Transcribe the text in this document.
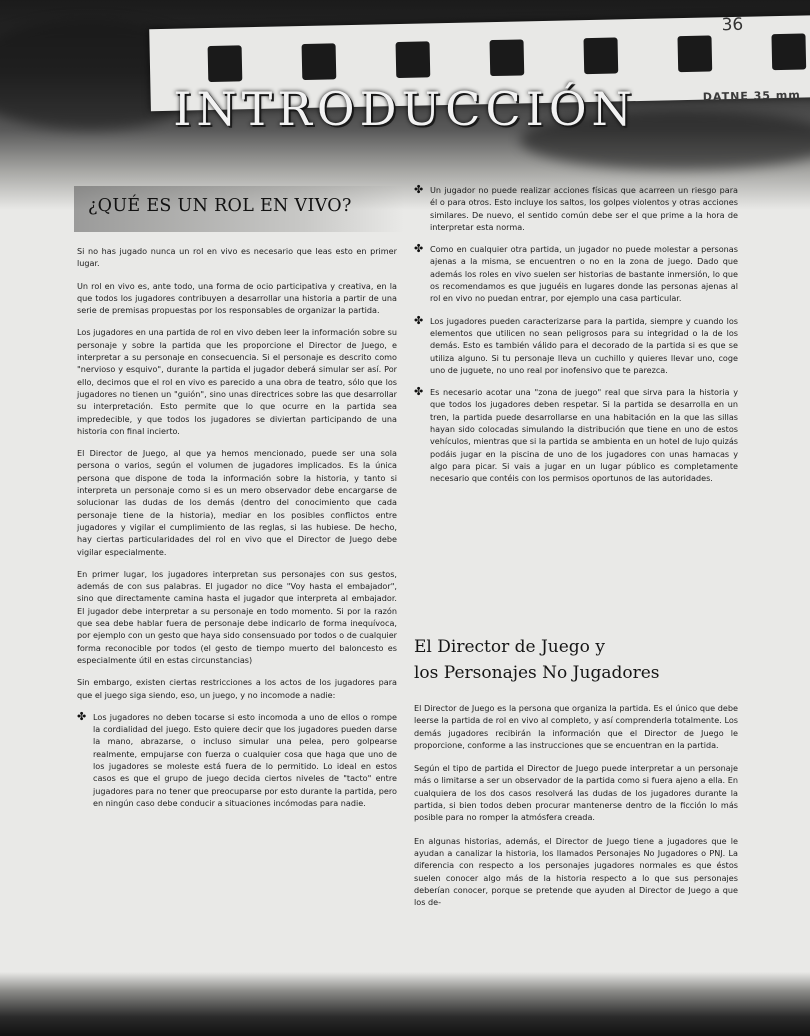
36
DATNE 35 mm
INTRODUCCIÓN
¿QUÉ ES UN ROL EN VIVO?

Si no has jugado nunca un rol en vivo es necesario que leas esto en primer lugar.

Un rol en vivo es, ante todo, una forma de ocio participativa y creativa, en la que todos los jugadores contribuyen a desarrollar una historia a partir de una serie de premisas propuestas por los responsables de organizar la partida.

Los jugadores en una partida de rol en vivo deben leer la información sobre su personaje y sobre la partida que les proporcione el Director de Juego, e interpretar a su personaje en consecuencia. Si el personaje es descrito como "nervioso y esquivo", durante la partida el jugador deberá simular ser así. Por ello, decimos que el rol en vivo es parecido a una obra de teatro, sólo que los jugadores no tienen un "guión", sino unas directrices sobre las que desarrollar su interpretación. Esto permite que lo que ocurre en la partida sea impredecible, y que todos los jugadores se diviertan participando de una historia con final incierto.

El Director de Juego, al que ya hemos mencionado, puede ser una sola persona o varios, según el volumen de jugadores implicados. Es la única persona que dispone de toda la información sobre la historia, y tanto si interpreta un personaje como si es un mero observador debe encargarse de solucionar las dudas de los demás (dentro del conocimiento que cada personaje tiene de la historia), mediar en los posibles conflictos entre jugadores y vigilar el cumplimiento de las reglas, si las hubiese. De hecho, hay ciertas particularidades del rol en vivo que el Director de Juego debe vigilar especialmente.

En primer lugar, los jugadores interpretan sus personajes con sus gestos, además de con sus palabras. El jugador no dice "Voy hasta el embajador", sino que directamente camina hasta el jugador que interpreta al embajador. El jugador debe interpretar a su personaje en todo momento. Si por la razón que sea debe hablar fuera de personaje debe indicarlo de forma inequívoca, por ejemplo con un gesto que haya sido consensuado por todos o de cualquier forma reconocible por todos (el gesto de tiempo muerto del baloncesto es especialmente útil en estas circunstancias)

Sin embargo, existen ciertas restricciones a los actos de los jugadores para que el juego siga siendo, eso, un juego, y no incomode a nadie:

✤ Los jugadores no deben tocarse si esto incomoda a uno de ellos o rompe la cordialidad del juego. Esto quiere decir que los jugadores pueden darse la mano, abrazarse, o incluso simular una pelea, pero golpearse realmente, empujarse con fuerza o cualquier cosa que haga que uno de los jugadores se moleste está fuera de lo permitido. Lo ideal en estos casos es que el grupo de juego decida ciertos niveles de "tacto" entre jugadores para no tener que preocuparse por esto durante la partida, pero en ningún caso debe conducir a situaciones incómodas para nadie.
✤ Un jugador no puede realizar acciones físicas que acarreen un riesgo para él o para otros. Esto incluye los saltos, los golpes violentos y otras acciones similares. De nuevo, el sentido común debe ser el que prime a la hora de interpretar esta norma.
✤ Como en cualquier otra partida, un jugador no puede molestar a personas ajenas a la misma, se encuentren o no en la zona de juego. Dado que además los roles en vivo suelen ser historias de bastante inmersión, lo que os recomendamos es que juguéis en lugares donde las personas ajenas al rol en vivo no puedan entrar, por ejemplo una casa particular.
✤ Los jugadores pueden caracterizarse para la partida, siempre y cuando los elementos que utilicen no sean peligrosos para su integridad o la de los demás. Esto es también válido para el decorado de la partida si es que se utiliza alguno. Si tu personaje lleva un cuchillo y quieres llevar uno, coge uno de juguete, no uno real por inofensivo que te parezca.
✤ Es necesario acotar una "zona de juego" real que sirva para la historia y que todos los jugadores deben respetar. Si la partida se desarrolla en un tren, la partida puede desarrollarse en una habitación en la que las sillas hayan sido colocadas simulando la distribución que tiene en uno de estos vehículos, mientras que si la partida se ambienta en un hotel de lujo quizás podáis jugar en la piscina de uno de los jugadores con unas hamacas y algo para picar. Si vais a jugar en un lugar público es completamente necesario que contéis con los permisos oportunos de las autoridades.
El Director de Juego y
los Personajes No Jugadores

El Director de Juego es la persona que organiza la partida. Es el único que debe leerse la partida de rol en vivo al completo, y así comprenderla totalmente. Los demás jugadores recibirán la información que el Director de Juego le proporcione, conforme a las instrucciones que se encuentran en la partida.

Según el tipo de partida el Director de Juego puede interpretar a un personaje más o limitarse a ser un observador de la partida como si fuera ajeno a ella. En cualquiera de los dos casos resolverá las dudas de los jugadores durante la partida, si bien todos deben procurar mantenerse dentro de la ficción lo más posible para no romper la atmósfera creada.

En algunas historias, además, el Director de Juego tiene a jugadores que le ayudan a canalizar la historia, los llamados Personajes No Jugadores o PNJ. La diferencia con respecto a los personajes jugadores normales es que éstos suelen conocer algo más de la historia respecto a lo que sus personajes deberían conocer, porque se pretende que ayuden al Director de Juego a que los de-
